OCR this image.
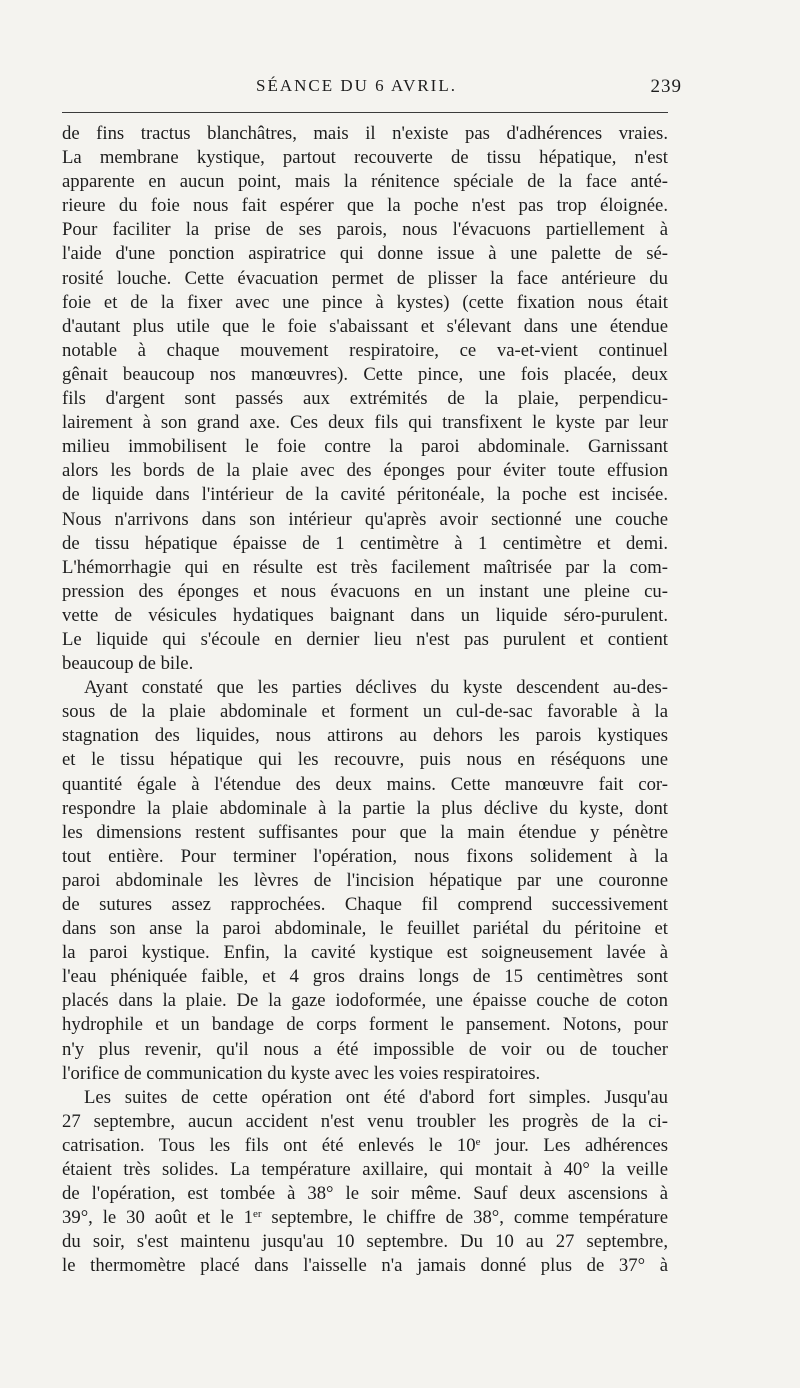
SÉANCE DU 6 AVRIL.	239
de fins tractus blanchâtres, mais il n'existe pas d'adhérences vraies.
La membrane kystique, partout recouverte de tissu hépatique, n'est
apparente en aucun point, mais la rénitence spéciale de la face anté-
rieure du foie nous fait espérer que la poche n'est pas trop éloignée.
Pour faciliter la prise de ses parois, nous l'évacuons partiellement à
l'aide d'une ponction aspiratrice qui donne issue à une palette de sé-
rosité louche. Cette évacuation permet de plisser la face antérieure du
foie et de la fixer avec une pince à kystes) (cette fixation nous était
d'autant plus utile que le foie s'abaissant et s'élevant dans une étendue
notable à chaque mouvement respiratoire, ce va-et-vient continuel
gênait beaucoup nos manœuvres). Cette pince, une fois placée, deux
fils d'argent sont passés aux extrémités de la plaie, perpendicu-
lairement à son grand axe. Ces deux fils qui transfixent le kyste par leur
milieu immobilisent le foie contre la paroi abdominale. Garnissant
alors les bords de la plaie avec des éponges pour éviter toute effusion
de liquide dans l'intérieur de la cavité péritonéale, la poche est incisée.
Nous n'arrivons dans son intérieur qu'après avoir sectionné une couche
de tissu hépatique épaisse de 1 centimètre à 1 centimètre et demi.
L'hémorrhagie qui en résulte est très facilement maîtrisée par la com-
pression des éponges et nous évacuons en un instant une pleine cu-
vette de vésicules hydatiques baignant dans un liquide séro-purulent.
Le liquide qui s'écoule en dernier lieu n'est pas purulent et contient
beaucoup de bile.
Ayant constaté que les parties déclives du kyste descendent au-des-
sous de la plaie abdominale et forment un cul-de-sac favorable à la
stagnation des liquides, nous attirons au dehors les parois kystiques
et le tissu hépatique qui les recouvre, puis nous en réséquons une
quantité égale à l'étendue des deux mains. Cette manœuvre fait cor-
respondre la plaie abdominale à la partie la plus déclive du kyste, dont
les dimensions restent suffisantes pour que la main étendue y pénètre
tout entière. Pour terminer l'opération, nous fixons solidement à la
paroi abdominale les lèvres de l'incision hépatique par une couronne
de sutures assez rapprochées. Chaque fil comprend successivement
dans son anse la paroi abdominale, le feuillet pariétal du péritoine et
la paroi kystique. Enfin, la cavité kystique est soigneusement lavée à
l'eau phéniquée faible, et 4 gros drains longs de 15 centimètres sont
placés dans la plaie. De la gaze iodoformée, une épaisse couche de coton
hydrophile et un bandage de corps forment le pansement. Notons, pour
n'y plus revenir, qu'il nous a été impossible de voir ou de toucher
l'orifice de communication du kyste avec les voies respiratoires.
Les suites de cette opération ont été d'abord fort simples. Jusqu'au
27 septembre, aucun accident n'est venu troubler les progrès de la ci-
catrisation. Tous les fils ont été enlevés le 10e jour. Les adhérences
étaient très solides. La température axillaire, qui montait à 40° la veille
de l'opération, est tombée à 38° le soir même. Sauf deux ascensions à
39°, le 30 août et le 1er septembre, le chiffre de 38°, comme température
du soir, s'est maintenu jusqu'au 10 septembre. Du 10 au 27 septembre,
le thermomètre placé dans l'aisselle n'a jamais donné plus de 37° à
